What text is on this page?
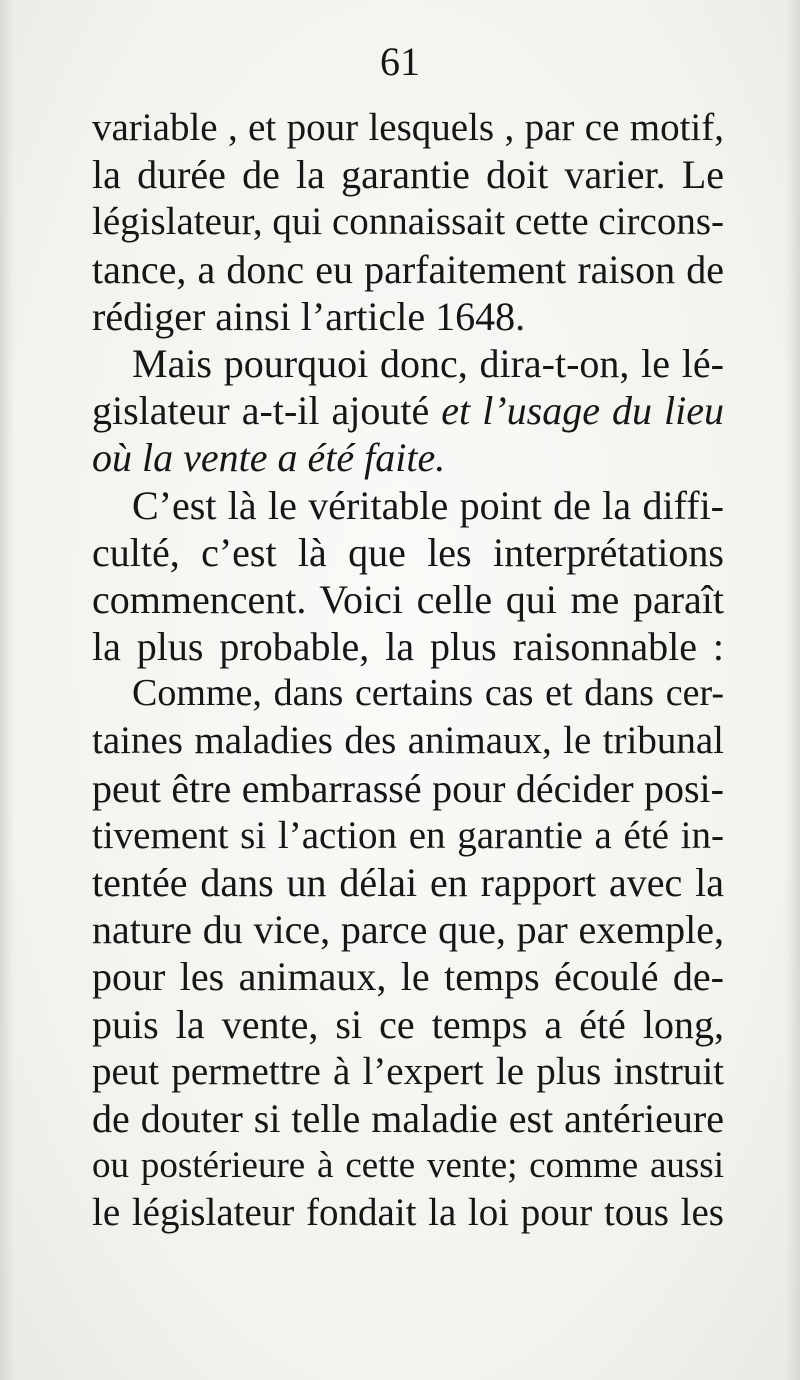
61
variable , et pour lesquels , par ce motif,
la durée de la garantie doit varier. Le
législateur, qui connaissait cette circons-
tance, a donc eu parfaitement raison de
rédiger ainsi l’article 1648.
Mais pourquoi donc, dira-t-on, le lé-
gislateur a-t-il ajouté et l’usage du lieu
où la vente a été faite.
C’est là le véritable point de la diffi-
culté, c’est là que les interprétations
commencent. Voici celle qui me paraît
la plus probable, la plus raisonnable :
Comme, dans certains cas et dans cer-
taines maladies des animaux, le tribunal
peut être embarrassé pour décider posi-
tivement si l’action en garantie a été in-
tentée dans un délai en rapport avec la
nature du vice, parce que, par exemple,
pour les animaux, le temps écoulé de-
puis la vente, si ce temps a été long,
peut permettre à l’expert le plus instruit
de douter si telle maladie est antérieure
ou postérieure à cette vente; comme aussi
le législateur fondait la loi pour tous les
